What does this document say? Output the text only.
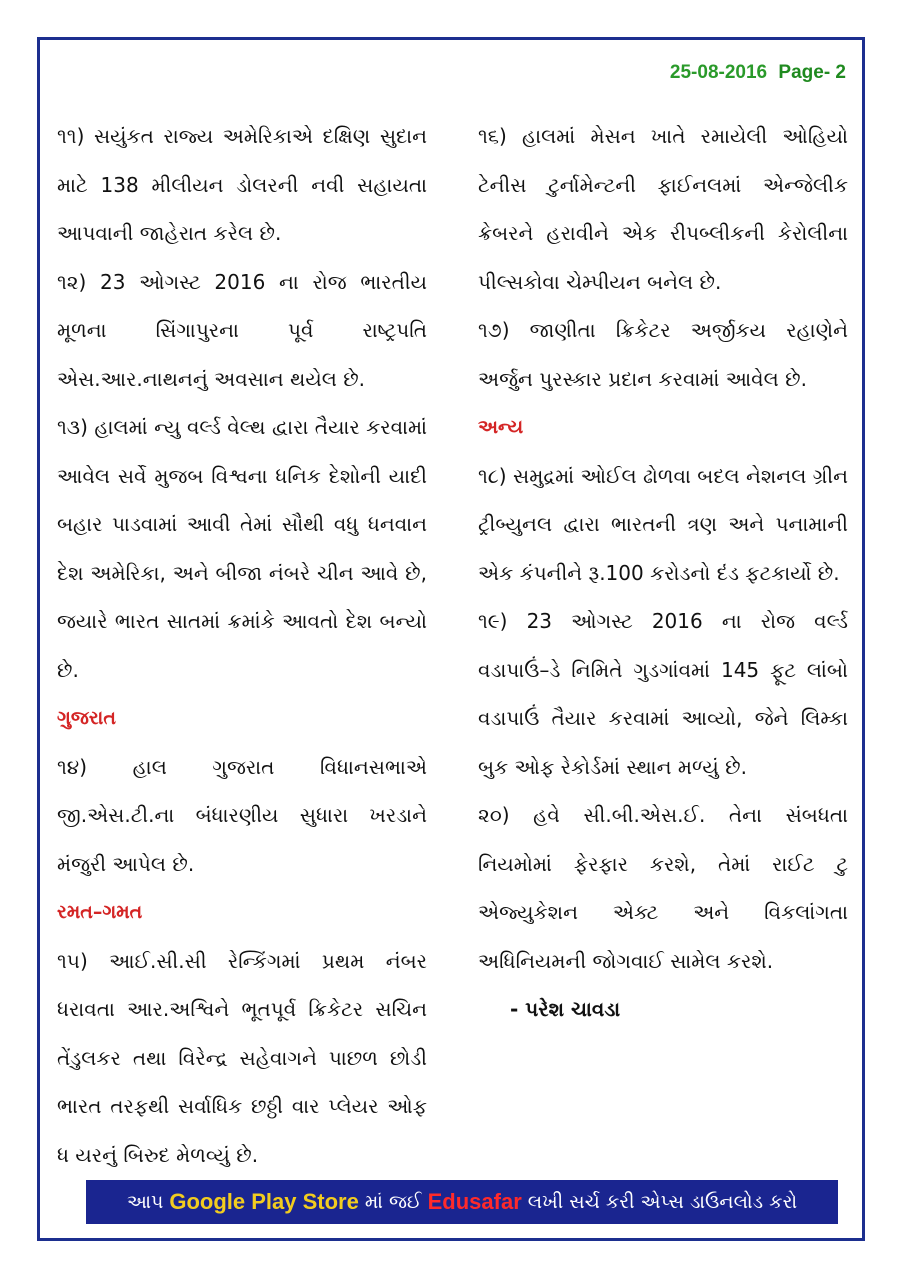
25-08-2016 Page- 2

૧૧) સયુંકત રાજ્ય અમેરિકાએ દક્ષિણ સુદાન માટે 138 મીલીયન ડોલરની નવી સહાયતા આપવાની જાહેરાત કરેલ છે.

૧૨) 23 ઓગસ્ટ 2016 ના રોજ ભારતીય મૂળના સિંગાપુરના પૂર્વ રાષ્ટ્રપતિ એસ.આર.નાથનનું અવસાન થયેલ છે.

૧૩) હાલમાં ન્યુ વર્લ્ડ વેલ્થ દ્વારા તૈયાર કરવામાં આવેલ સર્વે મુજબ વિશ્વના ધનિક દેશોની યાદી બહાર પાડવામાં આવી તેમાં સૌથી વધુ ધનવાન દેશ અમેરિકા, અને બીજા નંબરે ચીન આવે છે, જયારે ભારત સાતમાં ક્રમાંકે આવતો દેશ બન્યો છે.

ગુજરાત

૧૪) હાલ ગુજરાત વિધાનસભાએ જી.એસ.ટી.ના બંધારણીય સુધારા ખરડાને મંજુરી આપેલ છે.

રમત–ગમત

૧૫) આઈ.સી.સી રેન્કિંગમાં પ્રથમ નંબર ધરાવતા આર.અશ્વિને ભૂતપૂર્વ ક્રિકેટર સચિન તેંડુલકર તથા વિરેન્દ્ર સહેવાગને પાછળ છોડી ભારત તરફથી સર્વાધિક છઠ્ઠી વાર પ્લેયર ઓફ ધ યરનું બિરુદ મેળવ્યું છે.

૧૬) હાલમાં મેસન ખાતે રમાયેલી ઓહિયો ટેનીસ ટુર્નામેન્ટની ફાઈનલમાં એન્જેલીક ક્રેબરને હરાવીને એક રીપબ્લીકની કેરોલીના પીલ્સકોવા ચેમ્પીયન બનેલ છે.

૧૭) જાણીતા ક્રિકેટર અર્જીકય રહાણેને અર્જુન પુરસ્કાર પ્રદાન કરવામાં આવેલ છે.

અન્ય

૧૮) સમુદ્રમાં ઓઈલ ઢોળવા બદલ નેશનલ ગ્રીન ટ્રીબ્યુનલ દ્વારા ભારતની ત્રણ અને પનામાની એક કંપનીને રૂ.100 કરોડનો દંડ ફટકાર્યો છે.

૧૯) 23 ઓગસ્ટ 2016 ના રોજ વર્લ્ડ વડાપાઉં–ડે નિમિતે ગુડગાંવમાં 145 ફૂટ લાંબો વડાપાઉં તૈયાર કરવામાં આવ્યો, જેને લિમ્કા બુક ઓફ રેકોર્ડમાં સ્થાન મળ્યું છે.

૨૦) હવે સી.બી.એસ.ઈ. તેના સંબધતા નિયમોમાં ફેરફાર કરશે, તેમાં રાઈટ ટુ એજ્યુકેશન એક્ટ અને વિકલાંગતા અધિનિયમની જોગવાઈ સામેલ કરશે.

- પરેશ ચાવડા

આપ Google Play Store માં જઈ Edusafar લખી સર્ચ કરી એપ્સ ડાઉનલોડ કરો
